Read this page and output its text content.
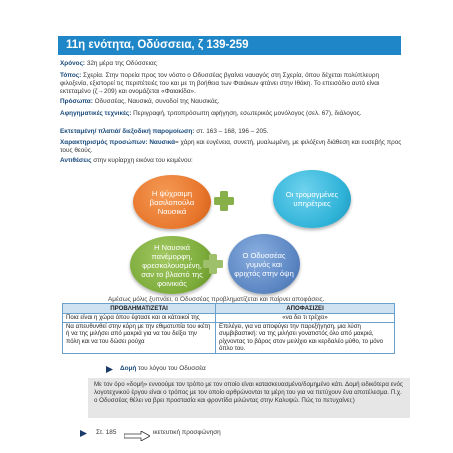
11η ενότητα, Οδύσσεια, ζ 139-259
Χρόνος: 32η μέρα της Οδύσσειας
Τόπος: Σχερία. Στην πορεία προς τον νόστο ο Οδυσσέας βγαίνει ναυαγός στη Σχερία, όπου δέχεται πολύπλευρη φιλοξενία, εξιστορεί τις περιπέτειές του και με τη βοήθεια των Φαιάκων φτάνει στην Ιθάκη. Το επεισόδιο αυτό είναι εκτεταμένο (ζ→209) και ονομάζεται «Φαιακίδα».
Πρόσωπα: Οδυσσέας, Ναυσικά, συνοδοί της Ναυσικάς.
Αφηγηματικές τεχνικές: Περιγραφή, τριτοπρόσωπη αφήγηση, εσωτερικός μονόλογος (σελ. 67), διάλογος.
Εκτεταμένη/ πλατιά/ διεξοδική παρομοίωση: στ. 163 – 168, 196 – 205.
Χαρακτηρισμός προσώπων: Ναυσικά= χάρη και ευγένεια, συνετή, μυαλωμένη, με φιλόξενη διάθεση και ευσεβής προς τους θεούς.
Αντιθέσεις στην κυρίαρχη εικόνα του κειμένου:
Η ψύχραιμη βασιλοπούλα Ναυσικά
Οι τρομαγμένες υπηρέτριες
Η Ναυσικά πανέμορφη, φρεσκολουσμένη, σαν το βλαστό της φοινικιάς
Ο Οδυσσέας γυμνός και φριχτός στην όψη
Αμέσως μόλις ξυπνάει, ο Οδυσσέας προβληματίζεται και παίρνει αποφάσεις.
ΠΡΟΒΛΗΜΑΤΙΖΕΤΑΙ	ΑΠΟΦΑΣΙΖΕΙ
Ποια είναι η χώρα όπου έφτασε και οι κάτοικοί της	«να δει τι τρέχει»
Να απευθυνθεί στην κόρη με την εθιμοτυπία του ικέτη ή να της μιλήσει από μακριά για να του δείξει την πόλη και να του δώσει ρούχα	Επιλέγει, για να αποφύγει την παρεξήγηση, μια λύση συμβιβαστική: να της μιλήσει γονατιστός όλο από μακριά, ρίχνοντας το βάρος στον μειλίχιο και κερδαλέο μύθο, το μόνο όπλο του.
Δομή του λόγου του Οδυσσέα
Με τον όρο «δομή» εννοούμε τον τρόπο με τον οποίο είναι κατασκευασμένο/δομημένο κάτι. Δομή ειδικότερα ενός λογοτεχνικού έργου είναι ο τρόπος με τον οποίο αρθρώνονται τα μέρη του για να πετύχουν ένα αποτέλεσμα. Π.χ. ο Οδυσσέας θέλει να βρει προστασία και φροντίδα μιλώντας στην Καλυψώ. Πώς το πετυχαίνει;)
Στ. 185	ικετευτική προσφώνηση
